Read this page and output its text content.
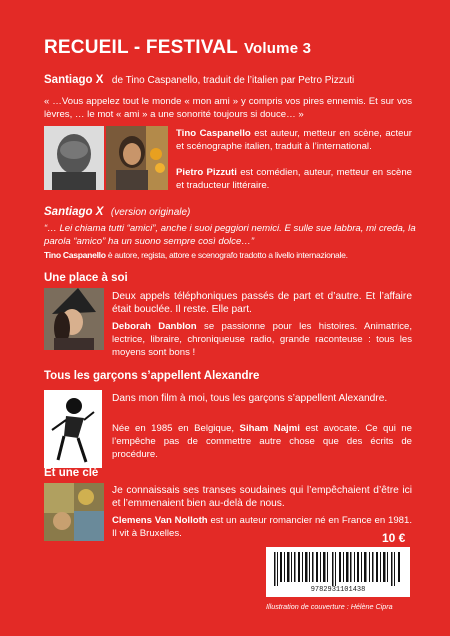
RECUEIL - FESTIVAL Volume 3
Santiago X de Tino Caspanello, traduit de l’italien par Petro Pizzuti
« …Vous appelez tout le monde « mon ami » y compris vos pires ennemis. Et sur vos lèvres, … le mot « ami » a une sonorité toujours si douce… »
Tino Caspanello est auteur, metteur en scène, acteur et scénographe italien, traduit à l’international.
Pietro Pizzuti est comédien, auteur, metteur en scène et traducteur littéraire.
Santiago X (version originale)
“… Lei chiama tutti “amici”, anche i suoi peggiori nemici. E sulle sue labbra, mi creda, la parola “amico” ha un suono sempre così dolce…”
Tino Caspanello è autore, regista, attore e scenografo tradotto a livello internazionale.
Une place à soi
Deux appels téléphoniques passés de part et d’autre. Et l’affaire était bouclée. Il reste. Elle part.
Deborah Danblon se passionne pour les histoires. Animatrice, lectrice, libraire, chroniqueuse radio, grande raconteuse : tous les moyens sont bons !
Tous les garçons s’appellent Alexandre
Dans mon film à moi, tous les garçons s’appellent Alexandre.
Née en 1985 en Belgique, Siham Najmi est avocate. Ce qui ne l’empêche pas de commettre autre chose que des écrits de procédure.
Et une clé
Je connaissais ses transes soudaines qui l’empêchaient d’être ici et l’emmenaient bien au-delà de nous.
Clemens Van Nolloth est un auteur romancier né en France en 1981. Il vit à Bruxelles.	10 €
9782931101438
Illustration de couverture : Hélène Cipra
